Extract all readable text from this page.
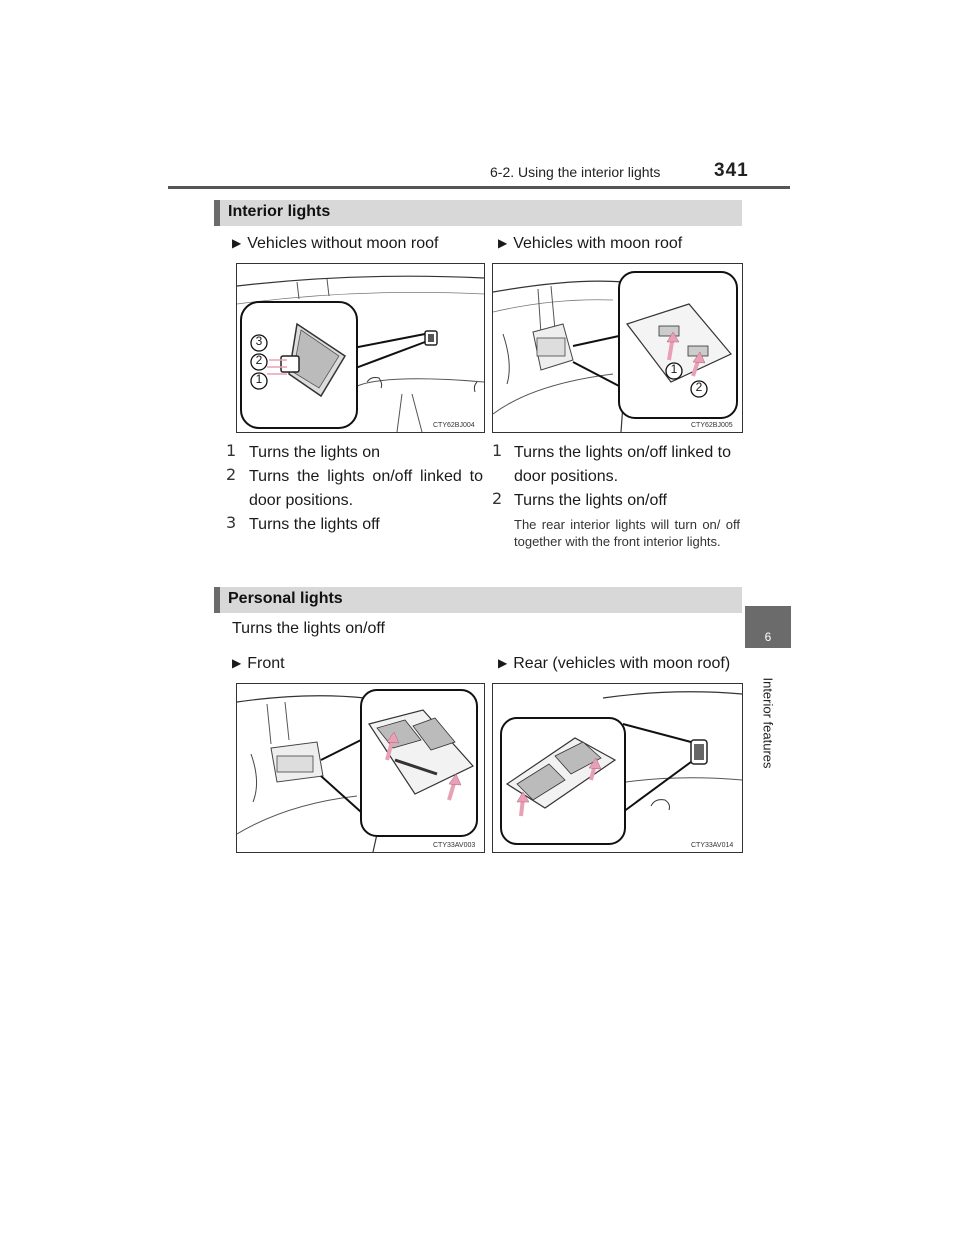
6-2. Using the interior lights	341
6
Interior features
Interior lights
▶ Vehicles without moon roof	▶ Vehicles with moon roof
3
2
1
CTY62BJ004
1
2
CTY62BJ005
1 Turns the lights on
2 Turns the lights on/off linked to door positions.
3 Turns the lights off
1 Turns the lights on/off linked to door positions.
2 Turns the lights on/off
The rear interior lights will turn on/ off together with the front interior lights.
Personal lights
Turns the lights on/off
▶ Front	▶ Rear (vehicles with moon roof)
CTY33AV003	CTY33AV014
